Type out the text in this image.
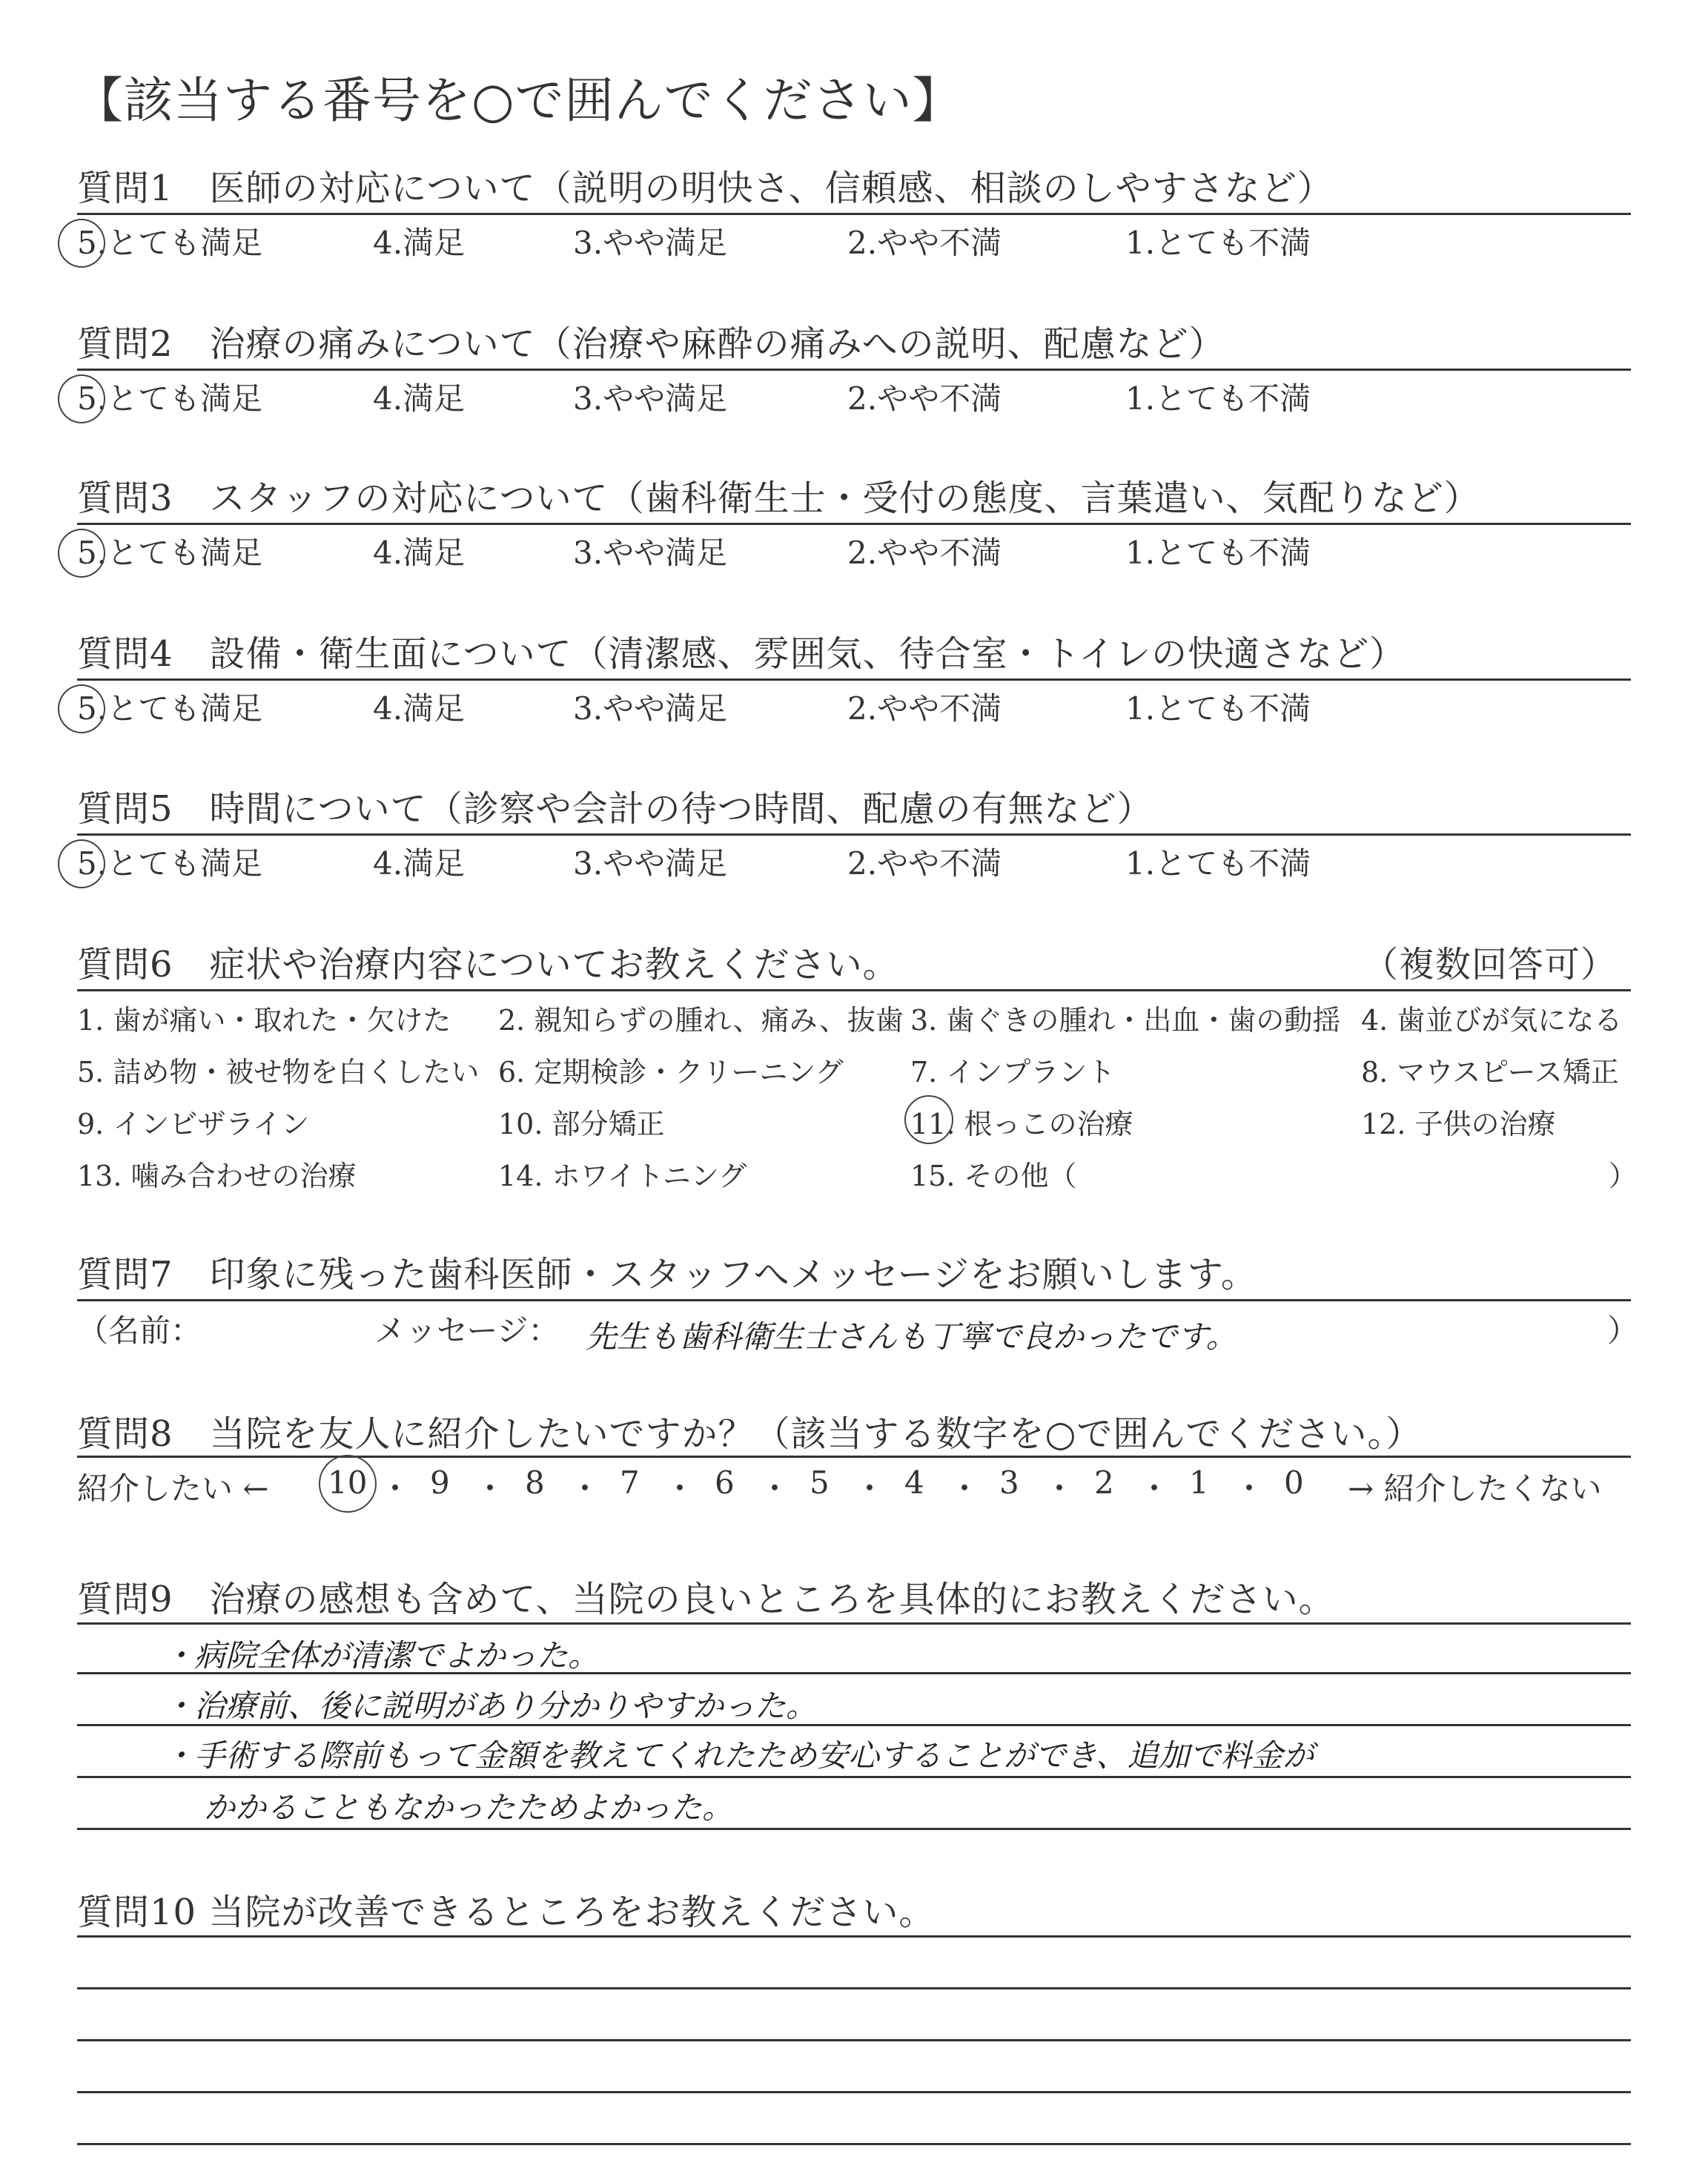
【該当する番号を○で囲んでください】
質問6　症状や治療内容についてお教えください。	（複数回答可）
質問7　印象に残った歯科医師・スタッフへメッセージをお願いします。
（名前：	メッセージ： 先生も歯科衛生士さんも丁寧で良かったです。	）
質問8　当院を友人に紹介したいですか？（該当する数字を○で囲んでください。）
紹介したい ←	→ 紹介したくない
質問9　治療の感想も含めて、当院の良いところを具体的にお教えください。
・病院全体が清潔でよかった。
・治療前、後に説明があり分かりやすかった。
・手術する際前もって金額を教えてくれたため安心することができ、追加で料金が
かかることもなかったためよかった。
質問10 当院が改善できるところをお教えください。
質問1　医師の対応について（説明の明快さ、信頼感、相談のしやすさなど）
5.とても満足	4.満足	3.やや満足	2.やや不満	1.とても不満
質問2　治療の痛みについて（治療や麻酔の痛みへの説明、配慮など）
5.とても満足	4.満足	3.やや満足	2.やや不満	1.とても不満
質問3　スタッフの対応について（歯科衛生士・受付の態度、言葉遣い、気配りなど）
5.とても満足	4.満足	3.やや満足	2.やや不満	1.とても不満
質問4　設備・衛生面について（清潔感、雰囲気、待合室・トイレの快適さなど）
5.とても満足	4.満足	3.やや満足	2.やや不満	1.とても不満
質問5　時間について（診察や会計の待つ時間、配慮の有無など）
5.とても満足	4.満足	3.やや満足	2.やや不満	1.とても不満
1. 歯が痛い・取れた・欠けた 2. 親知らずの腫れ、痛み、抜歯 3. 歯ぐきの腫れ・出血・歯の動揺 4. 歯並びが気になる
5. 詰め物・被せ物を白くしたい 6. 定期検診・クリーニング 7. インプラント	8. マウスピース矯正
9. インビザライン	10. 部分矯正	11. 根っこの治療	12. 子供の治療
13. 噛み合わせの治療	14. ホワイトニング	15. その他（	）
10 ・ 9 ・ 8 ・ 7 ・ 6 ・ 5 ・ 4 ・ 3 ・ 2 ・ 1 ・ 0
